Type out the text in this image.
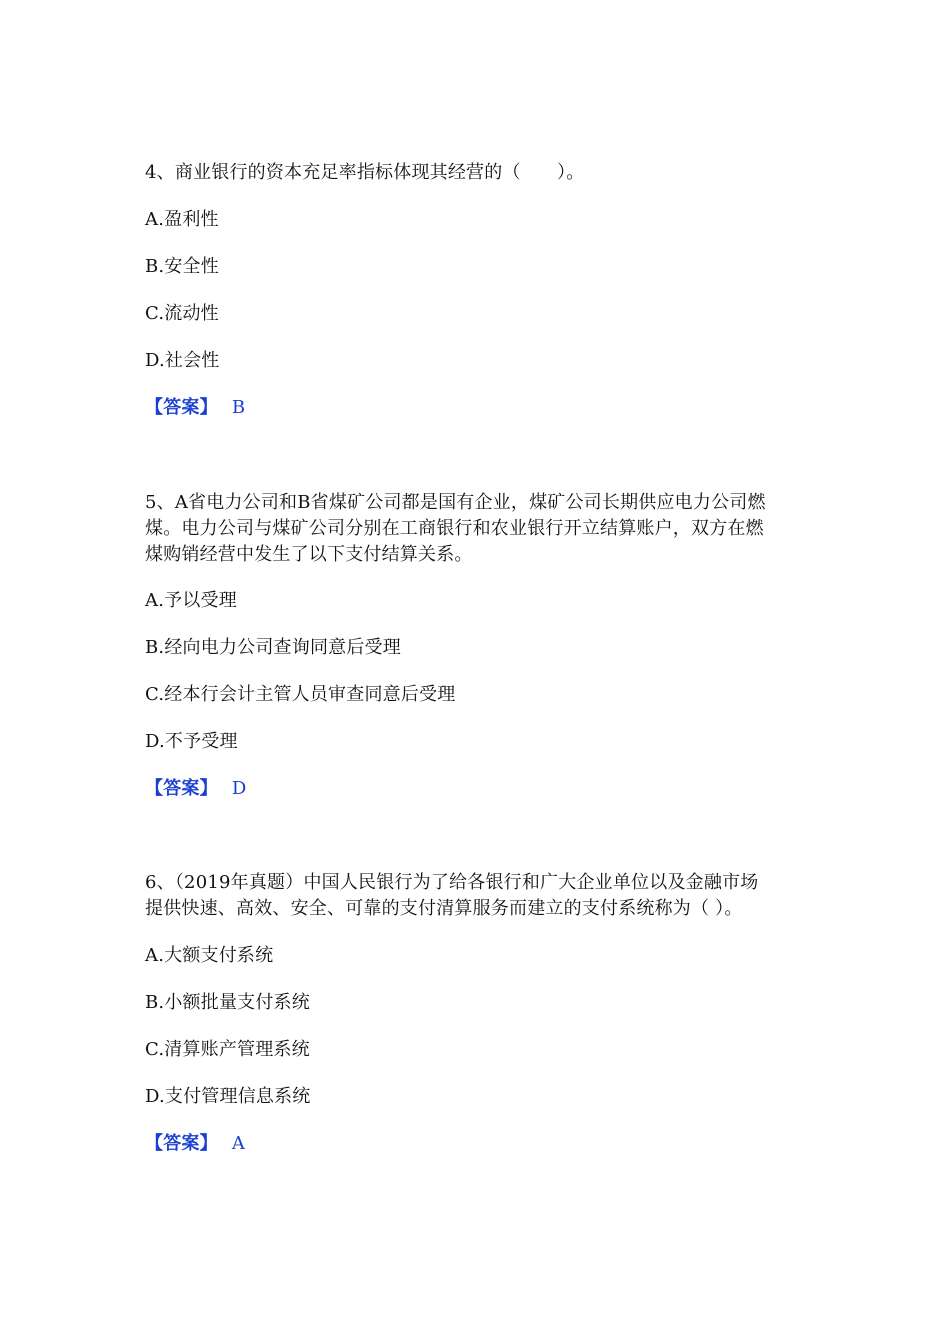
4、商业银行的资本充足率指标体现其经营的（　　）。
A.盈利性
B.安全性
C.流动性
D.社会性
【答案】 B
5、A省电力公司和B省煤矿公司都是国有企业，煤矿公司长期供应电力公司燃
煤。电力公司与煤矿公司分别在工商银行和农业银行开立结算账户，双方在燃
煤购销经营中发生了以下支付结算关系。
A.予以受理
B.经向电力公司查询同意后受理
C.经本行会计主管人员审查同意后受理
D.不予受理
【答案】 D
6、（2019年真题）中国人民银行为了给各银行和广大企业单位以及金融市场
提供快速、高效、安全、可靠的支付清算服务而建立的支付系统称为（ ）。
A.大额支付系统
B.小额批量支付系统
C.清算账产管理系统
D.支付管理信息系统
【答案】 A
